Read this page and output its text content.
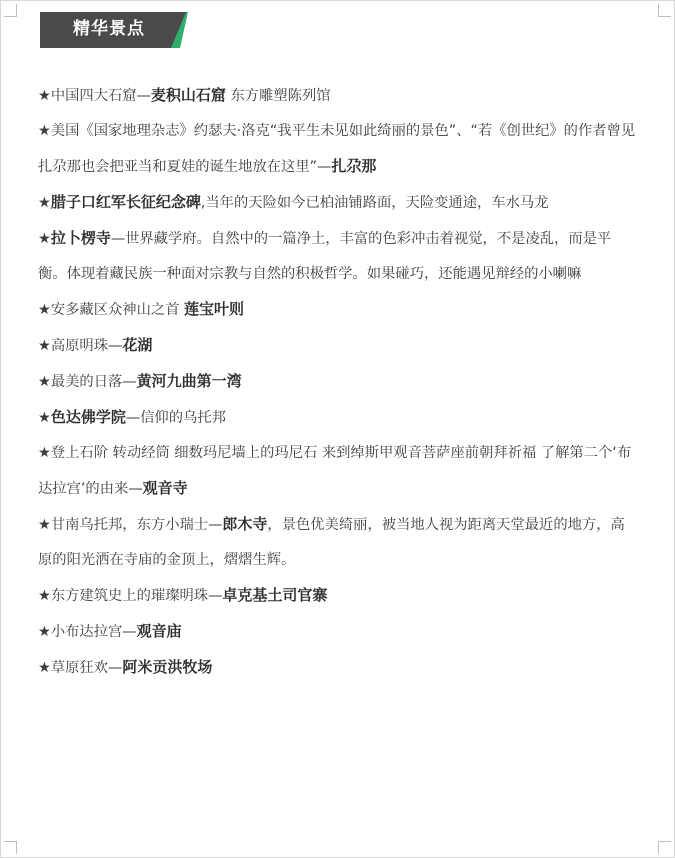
精华景点

★中国四大石窟—麦积山石窟 东方雕塑陈列馆

★美国《国家地理杂志》约瑟夫·洛克“我平生未见如此绮丽的景色”、“若《创世纪》的作者曾见扎尕那也会把亚当和夏娃的诞生地放在这里”—扎尕那

★腊子口红军长征纪念碑,当年的天险如今已柏油铺路面，天险变通途，车水马龙

★拉卜楞寺—世界藏学府。自然中的一篇净土，丰富的色彩冲击着视觉，不是凌乱，而是平衡。体现着藏民族一种面对宗教与自然的积极哲学。如果碰巧，还能遇见辩经的小喇嘛

★安多藏区众神山之首 莲宝叶则

★高原明珠—花湖

★最美的日落—黄河九曲第一湾

★色达佛学院—信仰的乌托邦

★登上石阶 转动经筒 细数玛尼墙上的玛尼石 来到绰斯甲观音菩萨座前朝拜祈福 了解第二个‘布达拉宫’的由来—观音寺

★甘南乌托邦，东方小瑞士—郎木寺，景色优美绮丽，被当地人视为距离天堂最近的地方，高原的阳光洒在寺庙的金顶上，熠熠生辉。

★东方建筑史上的璀璨明珠—卓克基土司官寨

★小布达拉宫—观音庙

★草原狂欢—阿米贡洪牧场
